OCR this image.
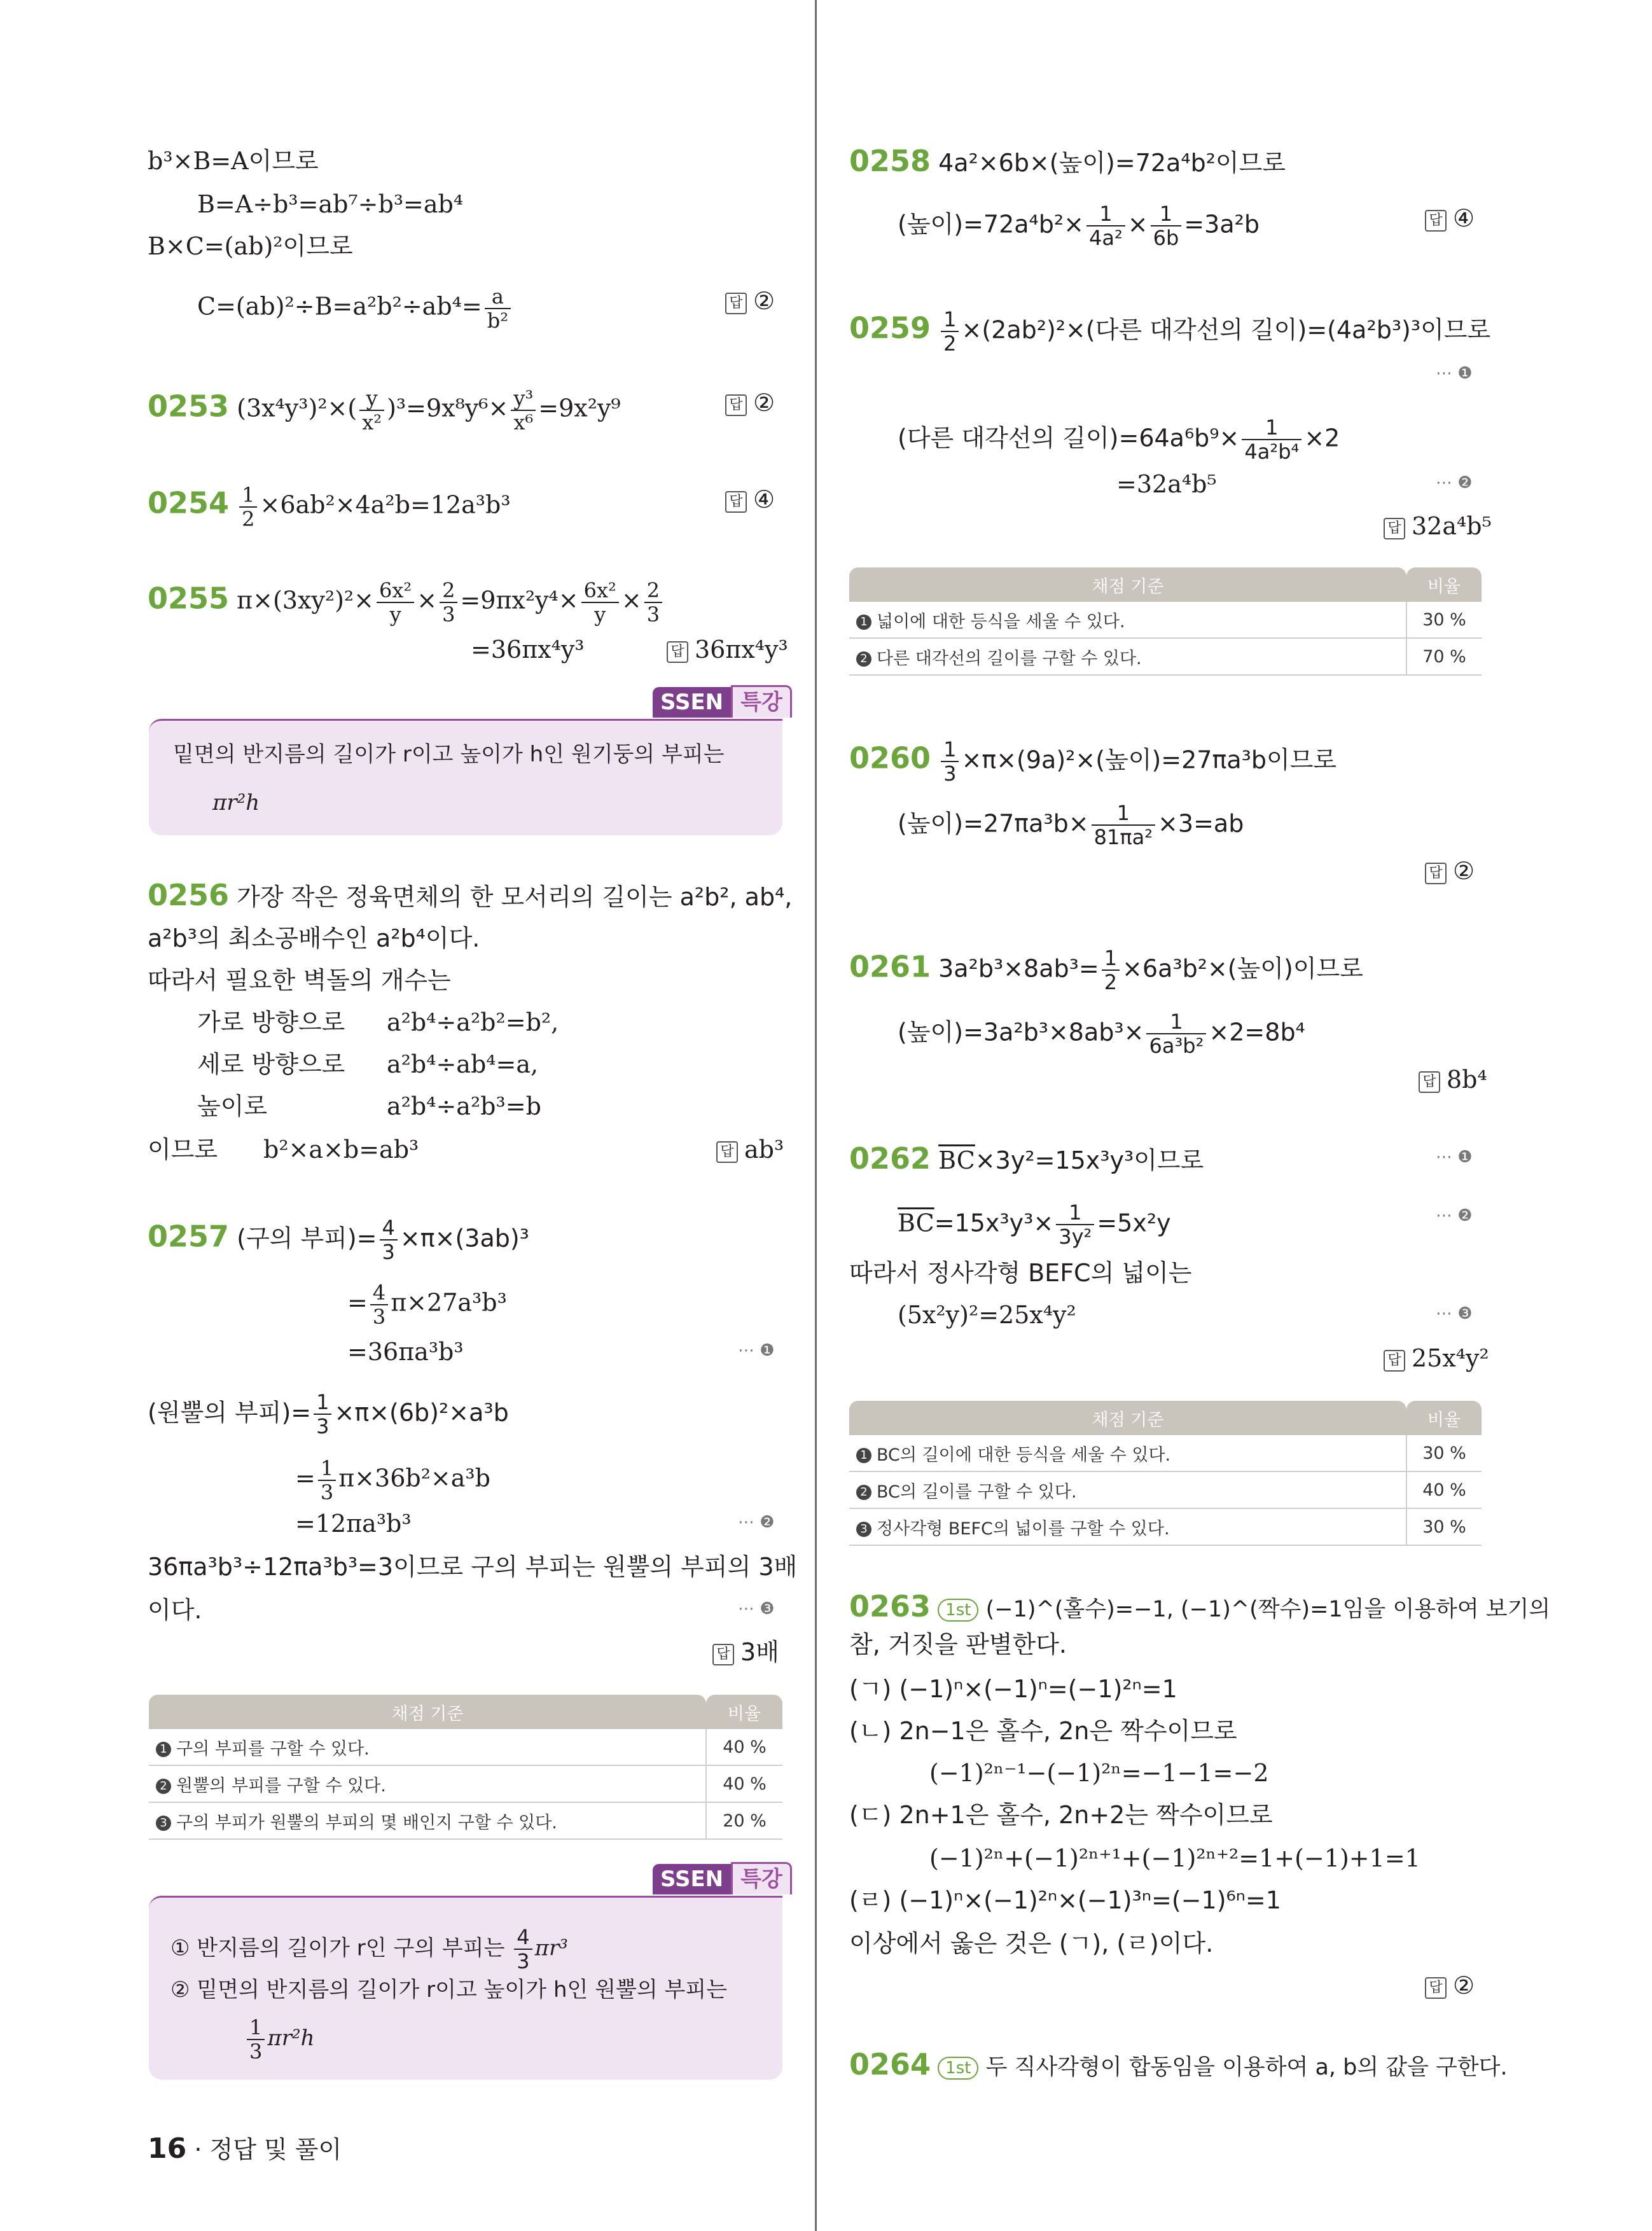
b³×B=A이므로
B=A÷b³=ab⁷÷b³=ab⁴
B×C=(ab)²이므로
$C=(ab)^2\div B=a^2b^2\div ab^4= \frac{a}{\text{b²}}$	답 ②
0253 $(3x^4y^3)^2\times( \frac{y}{\text{x²}} )^3=9x^8y^6\times \frac{\text{y³}}{\text{x⁶}} =9x^2y^9$	답 ②
$0254 \frac{1}{2} \times 6ab^2\times 4a^2b=12a^3b^3$	답 ④
0255 $\pi\times(3xy^2)^2\times \frac{\text{6x²}}{y} \times \frac{2}{3} =9\pi x^2y^4\times \frac{\text{6x²}}{y} \times \frac{2}{3}$
=36πx⁴y³	답 36πx⁴y³
SSEN 특강
밑면의 반지름의 길이가 r이고 높이가 h인 원기둥의 부피는
πr²h
0256 가장 작은 정육면체의 한 모서리의 길이는 a²b², ab⁴,
a²b³의 최소공배수인 a²b⁴이다.
따라서 필요한 벽돌의 개수는
가로 방향으로 a²b⁴÷a²b²=b²,
세로 방향으로 a²b⁴÷ab⁴=a,
높이로	a²b⁴÷a²b³=b
이므로 b²×a×b=ab³	답 ab³
0257 (구의 부피)= $\frac{4}{3} \times\pi\times(3ab)^3$
= $\frac{4}{3} \pi\times 27a^3b^3$
=36πa³b³	⋯ ❶
(원뿔의 부피)= $\frac{1}{3} \times\pi\times(6b)^2\times a^3b$
= $\frac{1}{3} \pi\times 36b^2\times a^3b$
=12πa³b³	⋯ ❷
36πa³b³÷12πa³b³=3이므로 구의 부피는 원뿔의 부피의 3배
이다.	⋯ ❸
답 3배
채점 기준	비율
1 구의 부피를 구할 수 있다.	40 %
2 원뿔의 부피를 구할 수 있다.	40 %
3 구의 부피가 원뿔의 부피의 몇 배인지 구할 수 있다.	20 %
SSEN 특강
① 반지름의 길이가 r인 구의 부피는 $\frac{4}{3} \pi r^3$
② 밑면의 반지름의 길이가 r이고 높이가 h인 원뿔의 부피는
$\frac{1}{3} \pi r^2h$
16 · 정답 및 풀이
0258 4a²×6b×(높이)=72a⁴b²이므로
(높이)$=72a^4b^2\times \frac{1}{\text{4a²}} \times \frac{1}{6b} =3a^2b$	답 ④
$0259 \frac{1}{2} \times(2ab^2)^2\times$(다른 대각선의 길이)=(4a²b³)³이므로
⋯ ❶
(다른 대각선의 길이)$=64a^6b^9\times \frac{1}{\text{4a²b⁴}} \times 2$
=32a⁴b⁵	⋯ ❷
답 32a⁴b⁵
채점 기준	비율
1 넓이에 대한 등식을 세울 수 있다.	30 %
2 다른 대각선의 길이를 구할 수 있다.	70 %
$0260 \frac{1}{3} \times\pi\times(9a)^2\times$(높이)=27πa³b이므로
(높이)$=27\pi a^3b\times \frac{1}{\text{81πa²}} \times 3=ab$
답 ②
0261 $3a^2b^3\times 8ab^3= \frac{1}{2} \times 6a^3b^2\times$(높이)이므로
(높이)$=3a^2b^3\times 8ab^3\times \frac{1}{\text{6a³b²}} \times 2=8b^4$
답 8b⁴
0262 $\overline{BC}\times 3y^2=15x^3y^3$이므로	⋯ ❶
$\overline{BC}=15x^3y^3\times \frac{1}{\text{3y²}} =5x^2y$	⋯ ❷
따라서 정사각형 BEFC의 넓이는
(5x²y)²=25x⁴y²	⋯ ❸
답 25x⁴y²
채점 기준	비율
1 BC의 길이에 대한 등식을 세울 수 있다.	30 %
2 BC의 길이를 구할 수 있다.	40 %
3 정사각형 BEFC의 넓이를 구할 수 있다.	30 %
0263 1st (−1)^(홀수)=−1, (−1)^(짝수)=1임을 이용하여 보기의
참, 거짓을 판별한다.
(ㄱ) (−1)ⁿ×(−1)ⁿ=(−1)²ⁿ=1
(ㄴ) 2n−1은 홀수, 2n은 짝수이므로
(−1)²ⁿ⁻¹−(−1)²ⁿ=−1−1=−2
(ㄷ) 2n+1은 홀수, 2n+2는 짝수이므로
(−1)²ⁿ+(−1)²ⁿ⁺¹+(−1)²ⁿ⁺²=1+(−1)+1=1
(ㄹ) (−1)ⁿ×(−1)²ⁿ×(−1)³ⁿ=(−1)⁶ⁿ=1
이상에서 옳은 것은 (ㄱ), (ㄹ)이다.
답 ②
0264 1st 두 직사각형이 합동임을 이용하여 a, b의 값을 구한다.
